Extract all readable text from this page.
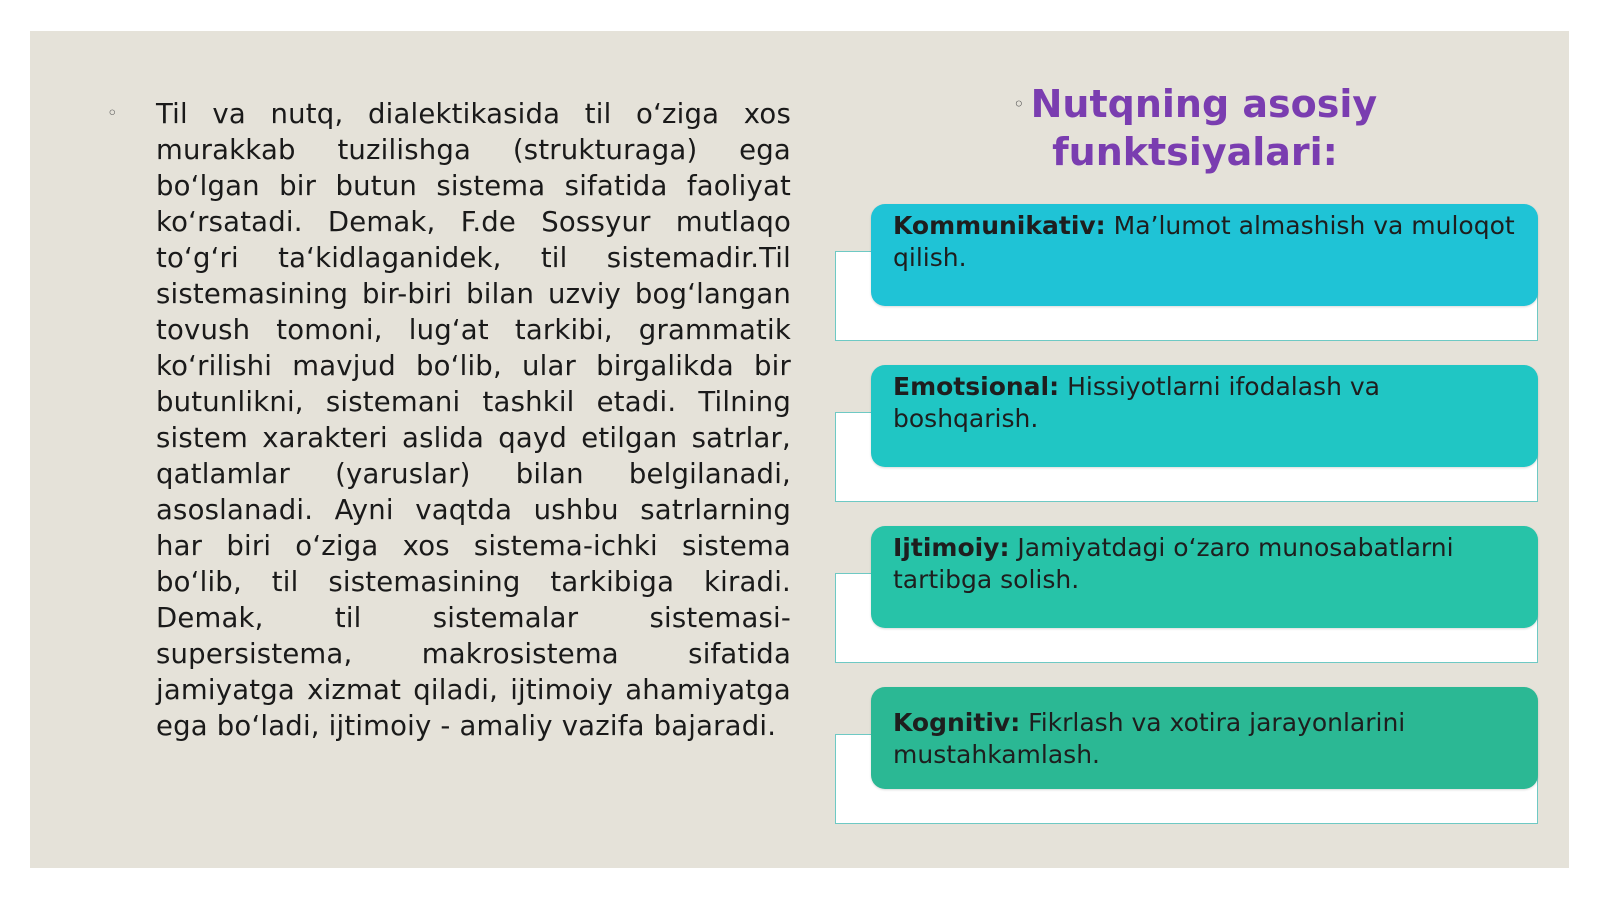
◦ Til va nutq, dialektikasida til o‘ziga xos murakkab tuzilishga (strukturaga) ega bo‘lgan bir butun sistema sifatida faoliyat ko‘rsatadi. Demak, F.de Sossyur mutlaqo to‘g‘ri ta‘kidlaganidek, til sistemadir.Til sistemasining bir-biri bilan uzviy bog‘langan tovush tomoni, lug‘at tarkibi, grammatik ko‘rilishi mavjud bo‘lib, ular birgalikda bir butunlikni, sistemani tashkil etadi. Tilning sistem xarakteri aslida qayd etilgan satrlar, qatlamlar (yaruslar) bilan belgilanadi, asoslanadi. Ayni vaqtda ushbu satrlarning har biri o‘ziga xos sistema-ichki sistema bo‘lib, til sistemasining tarkibiga kiradi. Demak, til sistemalar sistemasi-supersistema, makrosistema sifatida jamiyatga xizmat qiladi, ijtimoiy ahamiyatga ega bo‘ladi, ijtimoiy - amaliy vazifa bajaradi.

◦ Nutqning asosiy
funktsiyalari:
Kommunikativ: Ma’lumot almashish va muloqot qilish.
Emotsional: Hissiyotlarni ifodalash va boshqarish.
Ijtimoiy: Jamiyatdagi o‘zaro munosabatlarni tartibga solish.
Kognitiv: Fikrlash va xotira jarayonlarini mustahkamlash.
